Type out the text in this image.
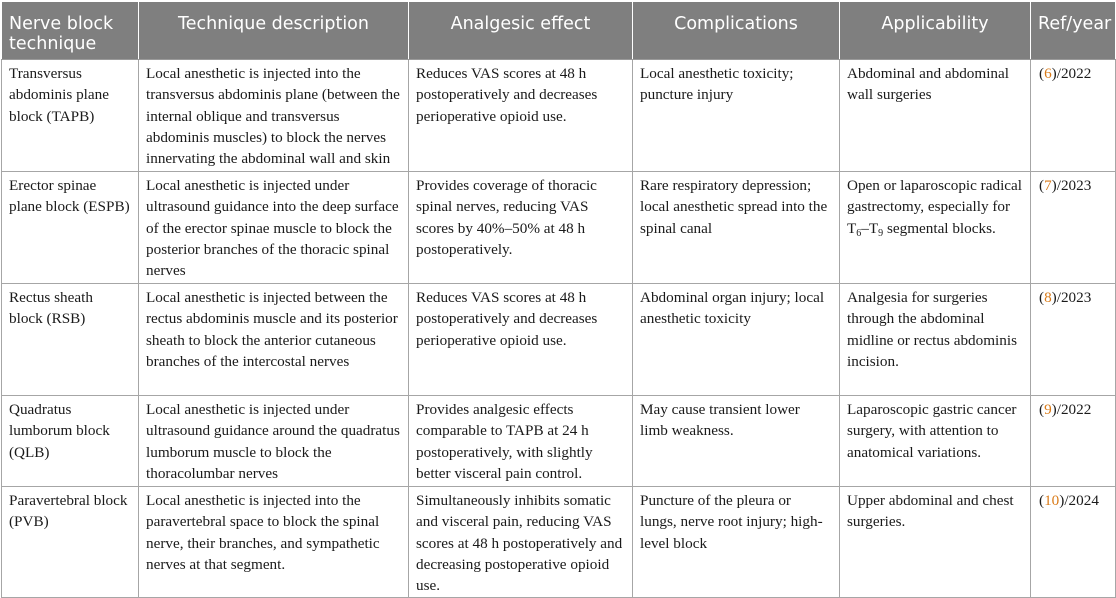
Nerve block technique	Technique description	Analgesic effect	Complications	Applicability	Ref/year
Transversus abdominis plane block (TAPB)	Local anesthetic is injected into the transversus abdominis plane (between the internal oblique and transversus abdominis muscles) to block the nerves innervating the abdominal wall and skin	Reduces VAS scores at 48 h postoperatively and decreases perioperative opioid use.	Local anesthetic toxicity; puncture injury	Abdominal and abdominal wall surgeries	(6)/2022
Erector spinae plane block (ESPB)	Local anesthetic is injected under ultrasound guidance into the deep surface of the erector spinae muscle to block the posterior branches of the thoracic spinal nerves	Provides coverage of thoracic spinal nerves, reducing VAS scores by 40%–50% at 48 h postoperatively.	Rare respiratory depression; local anesthetic spread into the spinal canal	Open or laparoscopic radical gastrectomy, especially for $T_6-T_9$ segmental blocks.	(7)/2023
Rectus sheath block (RSB)	Local anesthetic is injected between the rectus abdominis muscle and its posterior sheath to block the anterior cutaneous branches of the intercostal nerves	Reduces VAS scores at 48 h postoperatively and decreases perioperative opioid use.	Abdominal organ injury; local anesthetic toxicity	Analgesia for surgeries through the abdominal midline or rectus abdominis incision.	(8)/2023
Quadratus lumborum block (QLB)	Local anesthetic is injected under ultrasound guidance around the quadratus lumborum muscle to block the thoracolumbar nerves	Provides analgesic effects comparable to TAPB at 24 h postoperatively, with slightly better visceral pain control.	May cause transient lower limb weakness.	Laparoscopic gastric cancer surgery, with attention to anatomical variations.	(9)/2022
Paravertebral block (PVB)	Local anesthetic is injected into the paravertebral space to block the spinal nerve, their branches, and sympathetic nerves at that segment.	Simultaneously inhibits somatic and visceral pain, reducing VAS scores at 48 h postoperatively and decreasing postoperative opioid use.	Puncture of the pleura or lungs, nerve root injury; high-level block	Upper abdominal and chest surgeries.	(10)/2024
